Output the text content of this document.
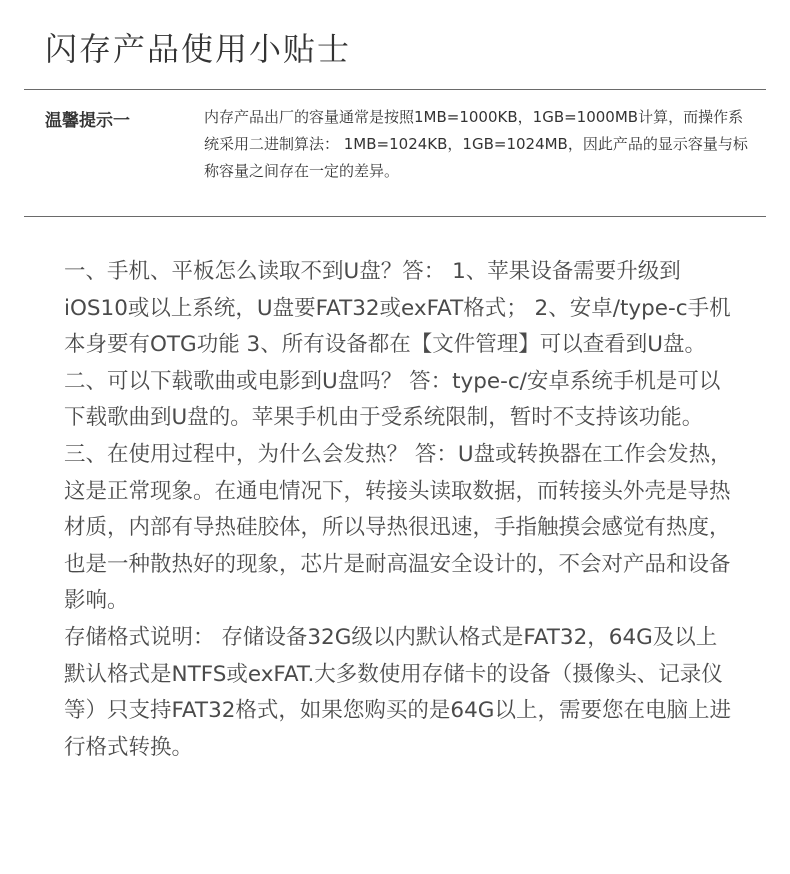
闪存产品使用小贴士
温馨提示一	内存产品出厂的容量通常是按照1MB=1000KB，1GB=1000MB计算，而操作系统采用二进制算法： 1MB=1024KB，1GB=1024MB，因此产品的显示容量与标称容量之间存在一定的差异。

一、手机、平板怎么读取不到U盘？答： 1、苹果设备需要升级到iOS10或以上系统，U盘要FAT32或exFAT格式； 2、安卓/type-c手机本身要有OTG功能 3、所有设备都在【文件管理】可以查看到U盘。

二、可以下载歌曲或电影到U盘吗？ 答：type-c/安卓系统手机是可以下载歌曲到U盘的。苹果手机由于受系统限制，暂时不支持该功能。

三、在使用过程中，为什么会发热？ 答：U盘或转换器在工作会发热，这是正常现象。在通电情况下，转接头读取数据，而转接头外壳是导热材质，内部有导热硅胶体，所以导热很迅速，手指触摸会感觉有热度，也是一种散热好的现象，芯片是耐高温安全设计的，不会对产品和设备影响。

存储格式说明： 存储设备32G级以内默认格式是FAT32，64G及以上默认格式是NTFS或exFAT.大多数使用存储卡的设备（摄像头、记录仪等）只支持FAT32格式，如果您购买的是64G以上，需要您在电脑上进行格式转换。
